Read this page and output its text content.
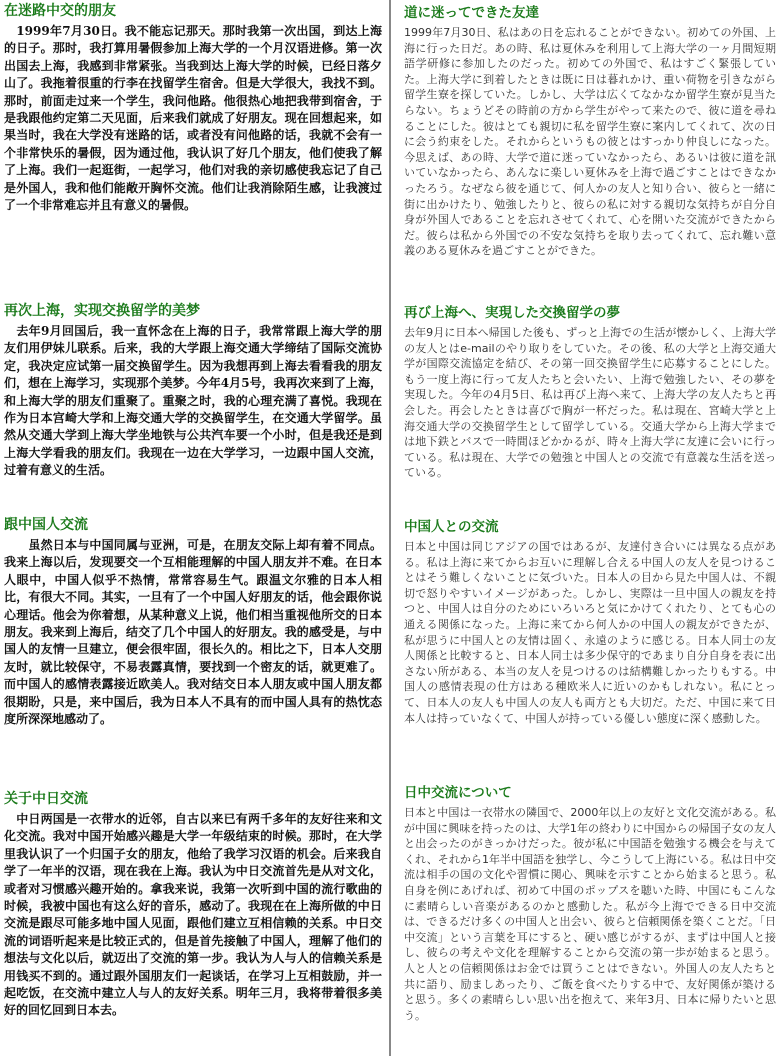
在迷路中交的朋友

　1999年7月30日。我不能忘记那天。那时我第一次出国，到达上海的日子。那时，我打算用暑假参加上海大学的一个月汉语进修。第一次出国去上海，我感到非常紧张。当我到达上海大学的时候，已经日落夕山了。我拖着很重的行李在找留学生宿舍。但是大学很大，我找不到。那时，前面走过来一个学生，我问他路。他很热心地把我带到宿舍，于是我跟他约定第二天见面，后来我们就成了好朋友。现在回想起来，如果当时，我在大学没有迷路的话，或者没有问他路的话，我就不会有一个非常快乐的暑假，因为通过他，我认识了好几个朋友，他们使我了解了上海。我们一起逛街，一起学习，他们对我的亲切感使我忘记了自己是外国人，我和他们能敞开胸怀交流。他们让我消除陌生感，让我渡过了一个非常难忘并且有意义的暑假。

再次上海，实现交换留学的美梦

　去年9月回国后，我一直怀念在上海的日子，我常常跟上海大学的朋友们用伊妹儿联系。后来，我的大学跟上海交通大学缔结了国际交流协定，我决定应试第一届交换留学生。因为我想再到上海去看看我的朋友们，想在上海学习，实现那个美梦。今年4月5号，我再次来到了上海，和上海大学的朋友们重聚了。重聚之时，我的心理充满了喜悦。我现在作为日本宫崎大学和上海交通大学的交换留学生，在交通大学留学。虽然从交通大学到上海大学坐地铁与公共汽车要一个小时，但是我还是到上海大学看我的朋友们。我现在一边在大学学习，一边跟中国人交流，过着有意义的生活。

跟中国人交流

　　虽然日本与中国同属与亚洲，可是，在朋友交际上却有着不同点。我来上海以后，发现要交一个互相能理解的中国人朋友并不难。在日本人眼中，中国人似乎不热情，常常容易生气。跟温文尔雅的日本人相比，有很大不同。其实，一旦有了一个中国人好朋友的话，他会跟你说心理话。他会为你着想，从某种意义上说，他们相当重视他所交的日本朋友。我来到上海后，结交了几个中国人的好朋友。我的感受是，与中国人的友情一旦建立，便会很牢固，很长久的。相比之下，日本人交朋友时，就比较保守，不易表露真情，要找到一个密友的话，就更难了。而中国人的感情表露接近欧美人。我对结交日本人朋友或中国人朋友都很期盼，只是，来中国后，我为日本人不具有的而中国人具有的热忱态度所深深地感动了。

关于中日交流

　中日两国是一衣带水的近邻，自古以来已有两千多年的友好往来和文化交流。我对中国开始感兴趣是大学一年级结束的时候。那时，在大学里我认识了一个归国子女的朋友，他给了我学习汉语的机会。后来我自学了一年半的汉语，现在我在上海。我认为中日交流首先是从对文化，或者对习惯感兴趣开始的。拿我来说，我第一次听到中国的流行歌曲的时候，我被中国也有这么好的音乐，感动了。我现在在上海所做的中日交流是跟尽可能多地中国人见面，跟他们建立互相信赖的关系。中日交流的词语听起来是比较正式的，但是首先接触了中国人，理解了他们的想法与文化以后，就迈出了交流的第一步。我认为人与人的信赖关系是用钱买不到的。通过跟外国朋友们一起谈话，在学习上互相鼓励，并一起吃饭，在交流中建立人与人的友好关系。明年三月，我将带着很多美好的回忆回到日本去。

道に迷ってできた友達

1999年7月30日、私はあの日を忘れることができない。初めての外国、上海に行った日だ。あの時、私は夏休みを利用して上海大学の一ヶ月間短期語学研修に参加したのだった。初めての外国で、私はすごく緊張していた。上海大学に到着したときは既に日は暮れかけ、重い荷物を引きながら留学生寮を探していた。しかし、大学は広くてなかなか留学生寮が見当たらない。ちょうどその時前の方から学生がやって来たので、彼に道を尋ねることにした。彼はとても親切に私を留学生寮に案内してくれて、次の日に会う約束をした。それからというもの彼とはすっかり仲良しになった。今思えば、あの時、大学で道に迷っていなかったら、あるいは彼に道を訊いていなかったら、あんなに楽しい夏休みを上海で過ごすことはできなかったろう。なぜなら彼を通じて、何人かの友人と知り合い、彼らと一緒に街に出かけたり、勉強したりと、彼らの私に対する親切な気持ちが自分自身が外国人であることを忘れさせてくれて、心を開いた交流ができたからだ。彼らは私から外国での不安な気持ちを取り去ってくれて、忘れ難い意義のある夏休みを過ごすことができた。

再び上海へ、実現した交換留学の夢

去年9月に日本へ帰国した後も、ずっと上海での生活が懐かしく、上海大学の友人とはe-mailのやり取りをしていた。その後、私の大学と上海交通大学が国際交流協定を結び、その第一回交換留学生に応募することにした。もう一度上海に行って友人たちと会いたい、上海で勉強したい、その夢を実現した。今年の4月5日、私は再び上海へ来て、上海大学の友人たちと再会した。再会したときは喜びで胸が一杯だった。私は現在、宮崎大学と上海交通大学の交換留学生として留学している。交通大学から上海大学までは地下鉄とバスで一時間ほどかかるが、時々上海大学に友達に会いに行っている。私は現在、大学での勉強と中国人との交流で有意義な生活を送っている。

中国人との交流

日本と中国は同じアジアの国ではあるが、友達付き合いには異なる点がある。私は上海に来てからお互いに理解し合える中国人の友人を見つけることはそう難しくないことに気づいた。日本人の目から見た中国人は、不親切で怒りやすいイメージがあった。しかし、実際は一旦中国人の親友を持つと、中国人は自分のためにいろいろと気にかけてくれたり、とても心の通える関係になった。上海に来てから何人かの中国人の親友ができたが、私が思うに中国人との友情は固く、永遠のように感じる。日本人同士の友人関係と比較すると、日本人同士は多少保守的であまり自分自身を表に出さない所がある、本当の友人を見つけるのは結構難しかったりもする。中国人の感情表現の仕方はある種欧米人に近いのかもしれない。私にとって、日本人の友人も中国人の友人も両方とも大切だ。ただ、中国に来て日本人は持っていなくて、中国人が持っている優しい態度に深く感動した。

日中交流について

日本と中国は一衣帯水の隣国で、2000年以上の友好と文化交流がある。私が中国に興味を持ったのは、大学1年の終わりに中国からの帰国子女の友人と出会ったのがきっかけだった。彼が私に中国語を勉強する機会を与えてくれ、それから1年半中国語を独学し、今こうして上海にいる。私は日中交流は相手の国の文化や習慣に関心、興味を示すことから始まると思う。私自身を例にあげれば、初めて中国のポップスを聴いた時、中国にもこんなに素晴らしい音楽があるのかと感動した。私が今上海でできる日中交流は、できるだけ多くの中国人と出会い、彼らと信頼関係を築くことだ。「日中交流」という言葉を耳にすると、硬い感じがするが、まずは中国人と接し、彼らの考えや文化を理解することから交流の第一歩が始まると思う。人と人との信頼関係はお金では買うことはできない。外国人の友人たちと共に語り、励ましあったり、ご飯を食べたりする中で、友好関係が築けると思う。多くの素晴らしい思い出を抱えて、来年3月、日本に帰りたいと思う。
